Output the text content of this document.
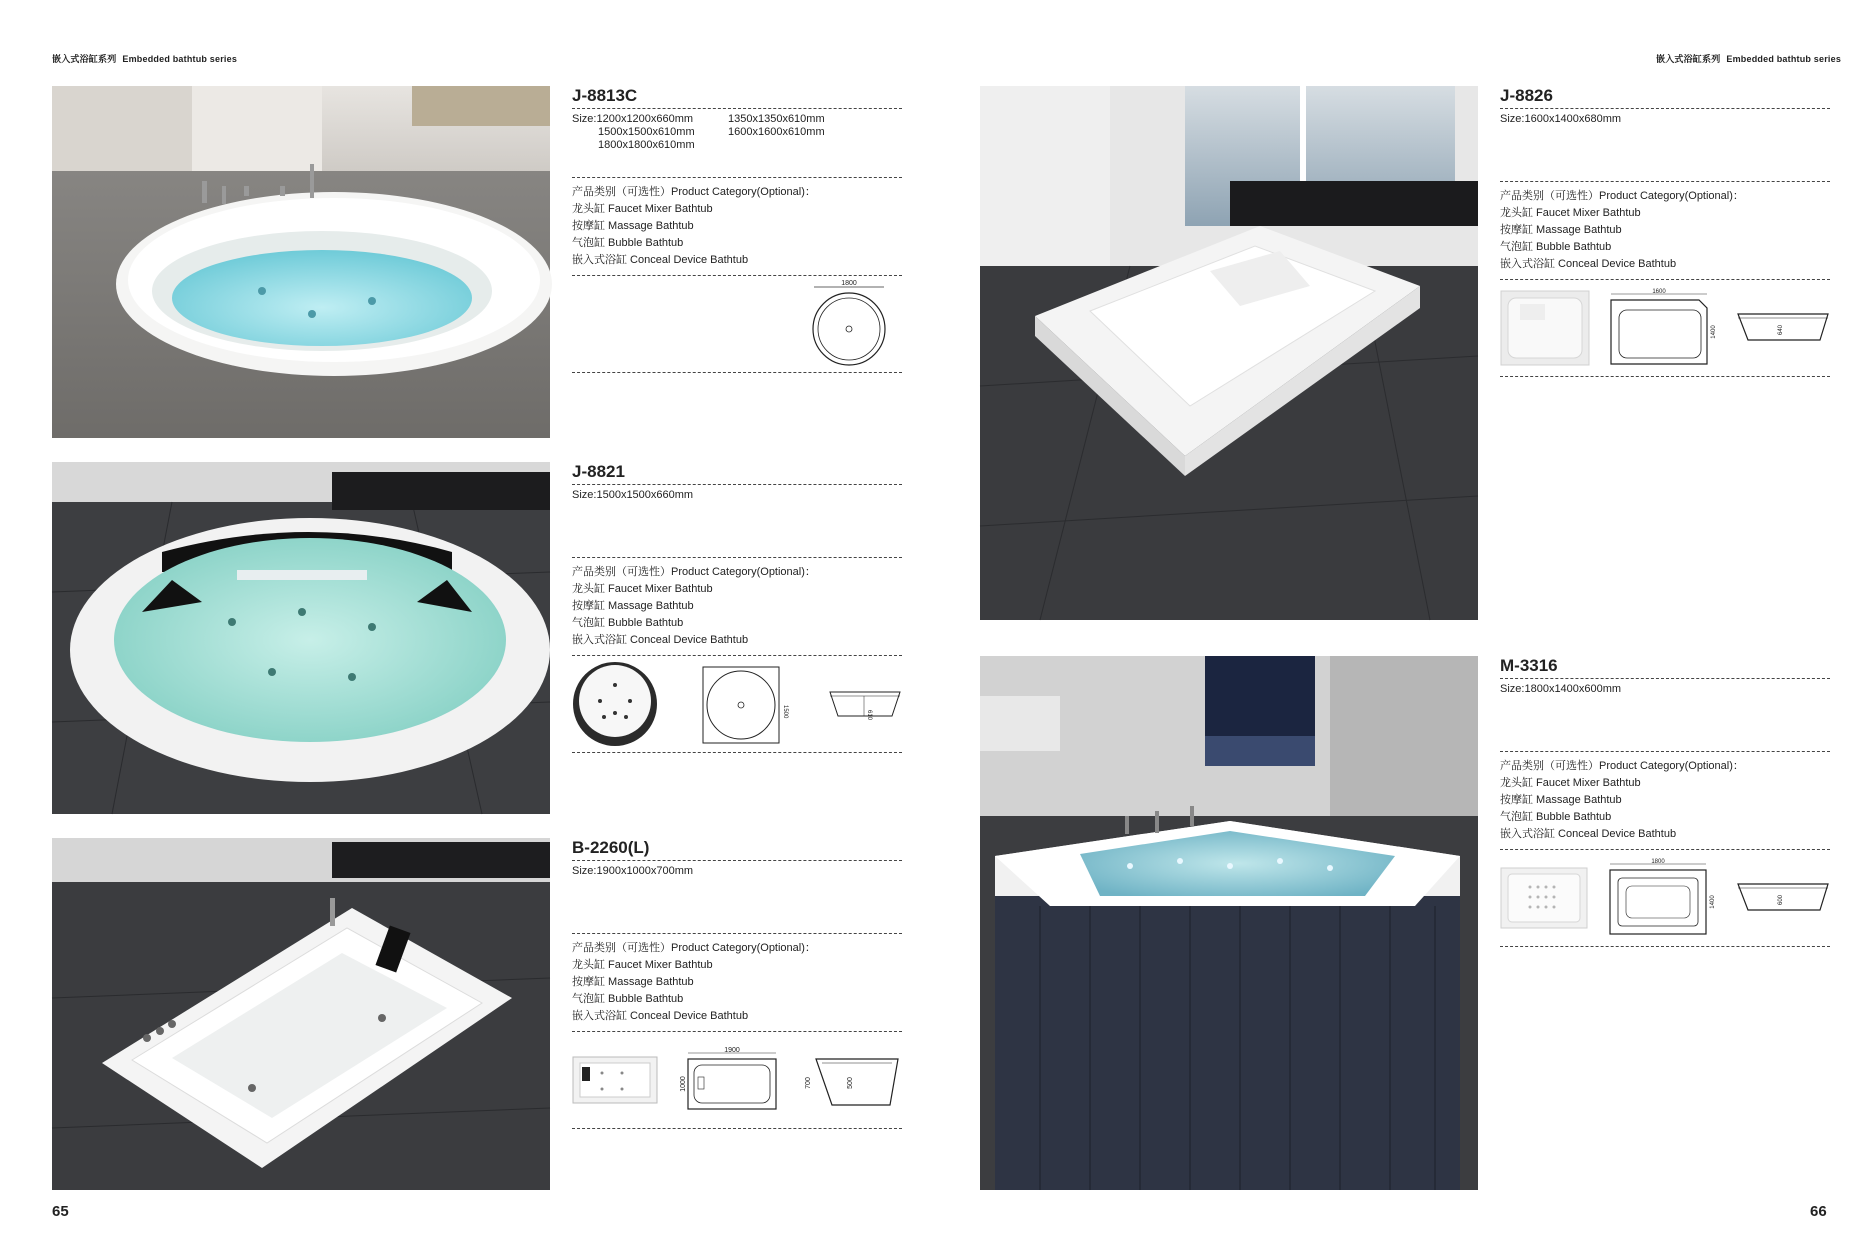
嵌入式浴缸系列 Embedded bathtub series	嵌入式浴缸系列 Embedded bathtub series
J-8813C
Size:1200x1200x660mm	1350x1350x610mm
1500x1500x610mm	1600x1600x610mm
1800x1800x610mm
产品类别（可选性）Product Category(Optional)：
龙头缸 Faucet Mixer Bathtub
按摩缸 Massage Bathtub
气泡缸 Bubble Bathtub
嵌入式浴缸 Conceal Device Bathtub
1800
J-8821
Size:1500x1500x660mm
产品类别（可选性）Product Category(Optional)：
龙头缸 Faucet Mixer Bathtub
按摩缸 Massage Bathtub
气泡缸 Bubble Bathtub
嵌入式浴缸 Conceal Device Bathtub
1500	610
B-2260(L)
Size:1900x1000x700mm
产品类别（可选性）Product Category(Optional)：
龙头缸 Faucet Mixer Bathtub
按摩缸 Massage Bathtub
气泡缸 Bubble Bathtub
嵌入式浴缸 Conceal Device Bathtub
1900
1000	700	500
J-8826
Size:1600x1400x680mm
产品类别（可选性）Product Category(Optional)：
龙头缸 Faucet Mixer Bathtub
按摩缸 Massage Bathtub
气泡缸 Bubble Bathtub
嵌入式浴缸 Conceal Device Bathtub
1600
1400	640
M-3316
Size:1800x1400x600mm
产品类别（可选性）Product Category(Optional)：
龙头缸 Faucet Mixer Bathtub
按摩缸 Massage Bathtub
气泡缸 Bubble Bathtub
嵌入式浴缸 Conceal Device Bathtub
1800
1400	600
65	66
